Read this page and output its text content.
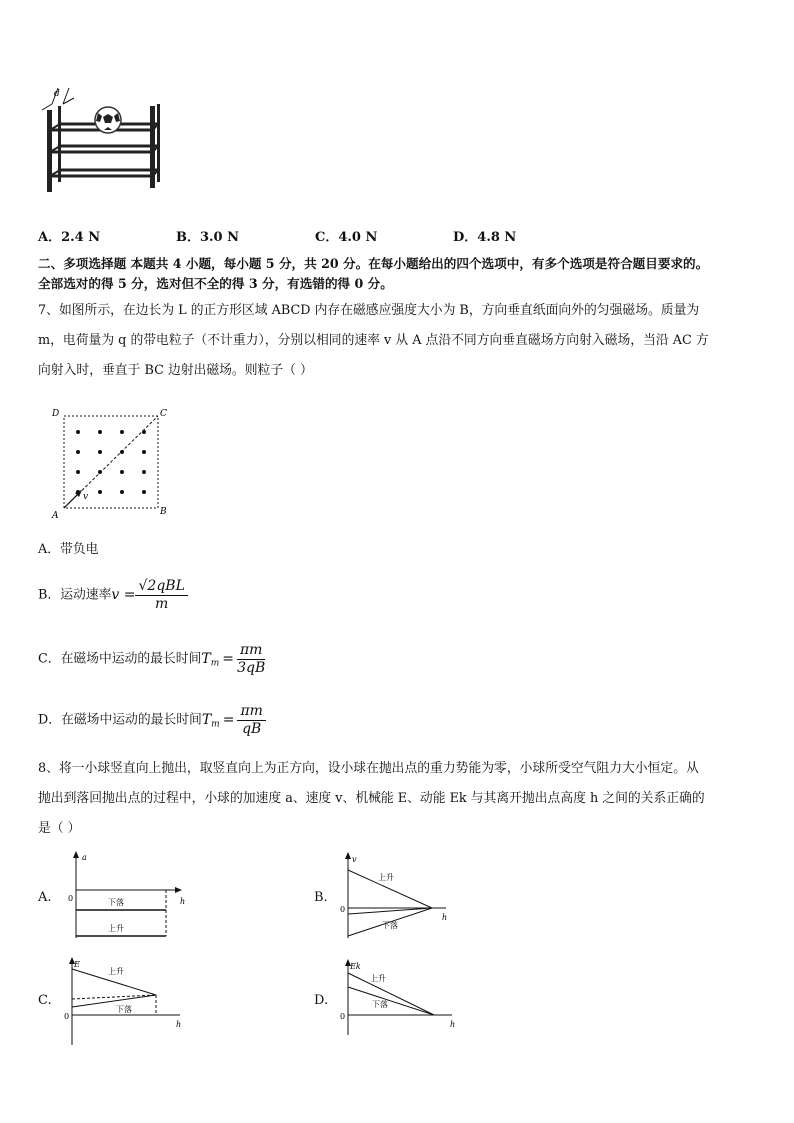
d
A．2.4 N	B．3.0 N	C．4.0 N	D．4.8 N
二、多项选择题 本题共 4 小题，每小题 5 分，共 20 分。在每小题给出的四个选项中，有多个选项是符合题目要求的。
全部选对的得 5 分，选对但不全的得 3 分，有选错的得 0 分。
7、如图所示，在边长为 L 的正方形区域 ABCD 内存在磁感应强度大小为 B，方向垂直纸面向外的匀强磁场。质量为
m，电荷量为 q 的带电粒子（不计重力），分别以相同的速率 v 从 A 点沿不同方向垂直磁场方向射入磁场，当沿 AC 方
向射入时，垂直于 BC 边射出磁场。则粒子（ ）
v
A	B
C
D
A．带负电
B．运动速率$v = \frac{\text{√2qBL}}{m}$
C．在磁场中运动的最长时间$T_m = \frac{\pi m}{3qB}$
D．在磁场中运动的最长时间$T_m = \frac{\pi m}{qB}$
8、将一小球竖直向上抛出，取竖直向上为正方向，设小球在抛出点的重力势能为零，小球所受空气阻力大小恒定。从
抛出到落回抛出点的过程中，小球的加速度 a、速度 v、机械能 E、动能 Ek 与其离开抛出点高度 h 之间的关系正确的
是（ ）
A.	B.
C.	D.
a
h
0	下落
上升
v
h
0
上升
下落
E
h
0
上升
下落
Ek
h
0
上升
下落
